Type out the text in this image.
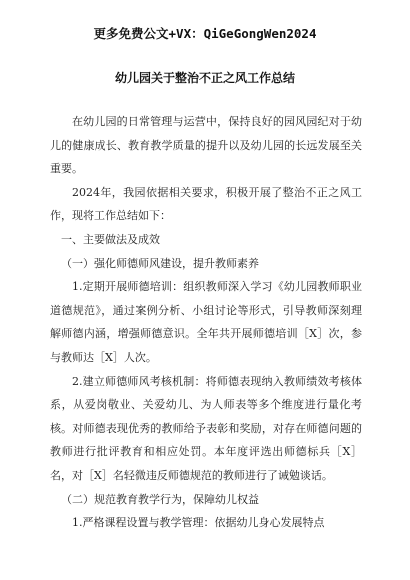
更多免费公文+VX：QiGeGongWen2024
幼儿园关于整治不正之风工作总结

在幼儿园的日常管理与运营中，保持良好的园风园纪对于幼儿的健康成长、教育教学质量的提升以及幼儿园的长远发展至关重要。

2024年，我园依据相关要求，积极开展了整治不正之风工作，现将工作总结如下：

一、主要做法及成效

（一）强化师德师风建设，提升教师素养

1.定期开展师德培训：组织教师深入学习《幼儿园教师职业道德规范》，通过案例分析、小组讨论等形式，引导教师深刻理解师德内涵，增强师德意识。全年共开展师德培训［X］次，参与教师达［X］人次。

2.建立师德师风考核机制：将师德表现纳入教师绩效考核体系，从爱岗敬业、关爱幼儿、为人师表等多个维度进行量化考核。对师德表现优秀的教师给予表彰和奖励，对存在师德问题的教师进行批评教育和相应处罚。本年度评选出师德标兵［X］名，对［X］名轻微违反师德规范的教师进行了诫勉谈话。

（二）规范教育教学行为，保障幼儿权益

1.严格课程设置与教学管理：依据幼儿身心发展特点
